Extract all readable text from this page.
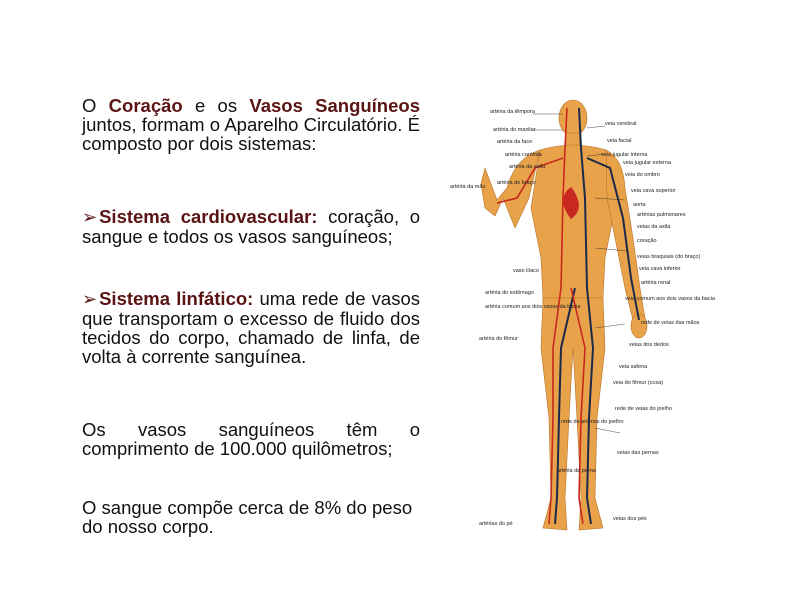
O Coração e os Vasos Sanguíneos juntos, formam o Aparelho Circulatório. É composto por dois sistemas:
➢ Sistema cardiovascular: coração, o sangue e todos os vasos sanguíneos;
➢ Sistema linfático: uma rede de vasos que transportam o excesso de fluido dos tecidos do corpo, chamado de linfa, de volta à corrente sanguínea.
Os vasos sanguíneos têm o comprimento de 100.000 quilômetros;
O sangue compõe cerca de 8% do peso do nosso corpo.
artéria da têmpora
artéria do maxilar
artéria da face
artéria carótida
artéria da axila
artéria da mão
artéria do braço
vaso ilíaco
artéria do estômago
artéria comum aos dois vasos da bacia
artéria do fêmur
rede de artérias do joelho
artéria da perna
artérias do pé
veia cerebral
veia facial
veia jugular interna
veia jugular externa
veia do ombro
veia cava superior
aorta
artérias pulmonares
veias da axila
coração
veias braquiais (do braço)
veia cava inferior
artéria renal
veia comum aos dois vasos da bacia
rede de veias das mãos
veias dos dedos
veia safena
veia do fêmur (coxa)
rede de veias do joelho
veias das pernas
veias dos pés
